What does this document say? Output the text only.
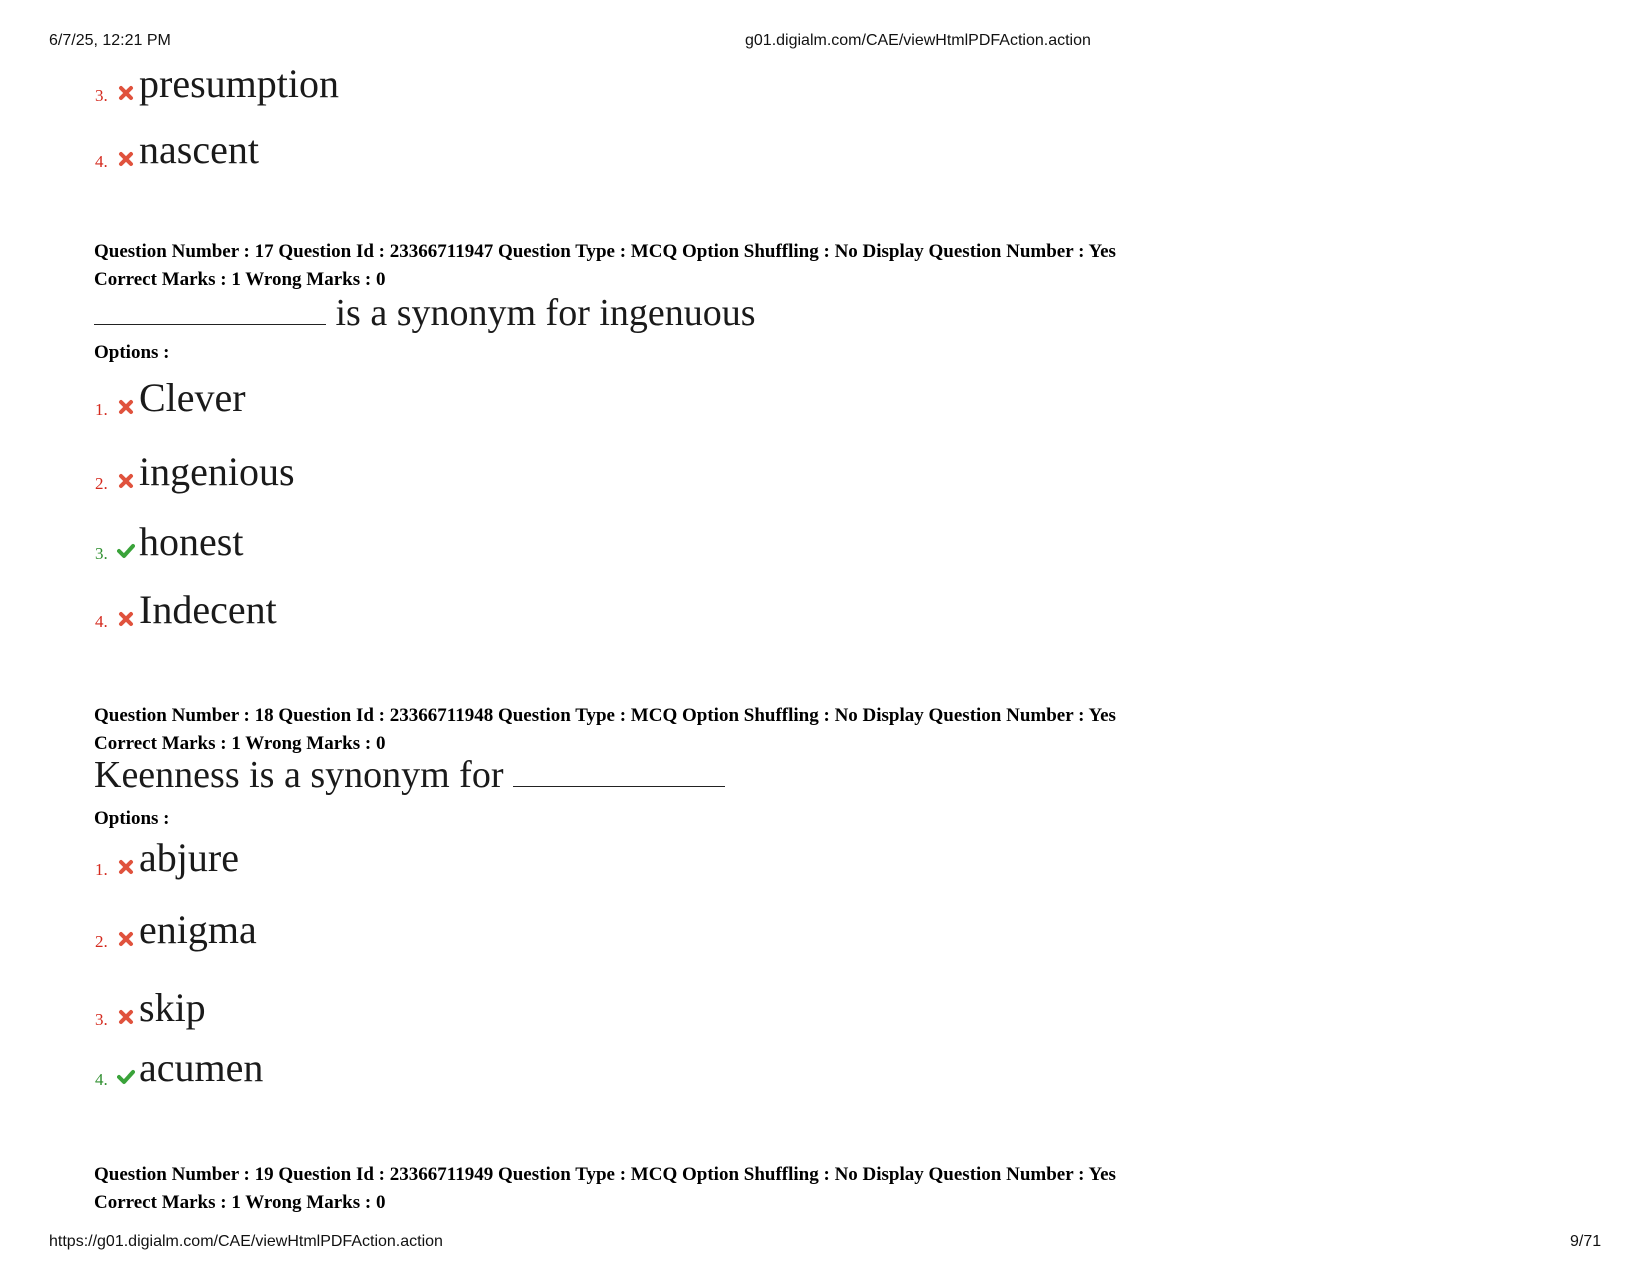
6/7/25, 12:21 PM	g01.digialm.com/CAE/viewHtmlPDFAction.action
3. presumption
4. nascent
Question Number : 17 Question Id : 23366711947 Question Type : MCQ Option Shuffling : No Display Question Number : Yes
Correct Marks : 1 Wrong Marks : 0
is a synonym for ingenuous
Options :
1. Clever
2. ingenious
3. honest
4. Indecent
Question Number : 18 Question Id : 23366711948 Question Type : MCQ Option Shuffling : No Display Question Number : Yes
Correct Marks : 1 Wrong Marks : 0
Keenness is a synonym for
Options :
1. abjure
2. enigma
3. skip
4. acumen
Question Number : 19 Question Id : 23366711949 Question Type : MCQ Option Shuffling : No Display Question Number : Yes
Correct Marks : 1 Wrong Marks : 0
https://g01.digialm.com/CAE/viewHtmlPDFAction.action	9/71
